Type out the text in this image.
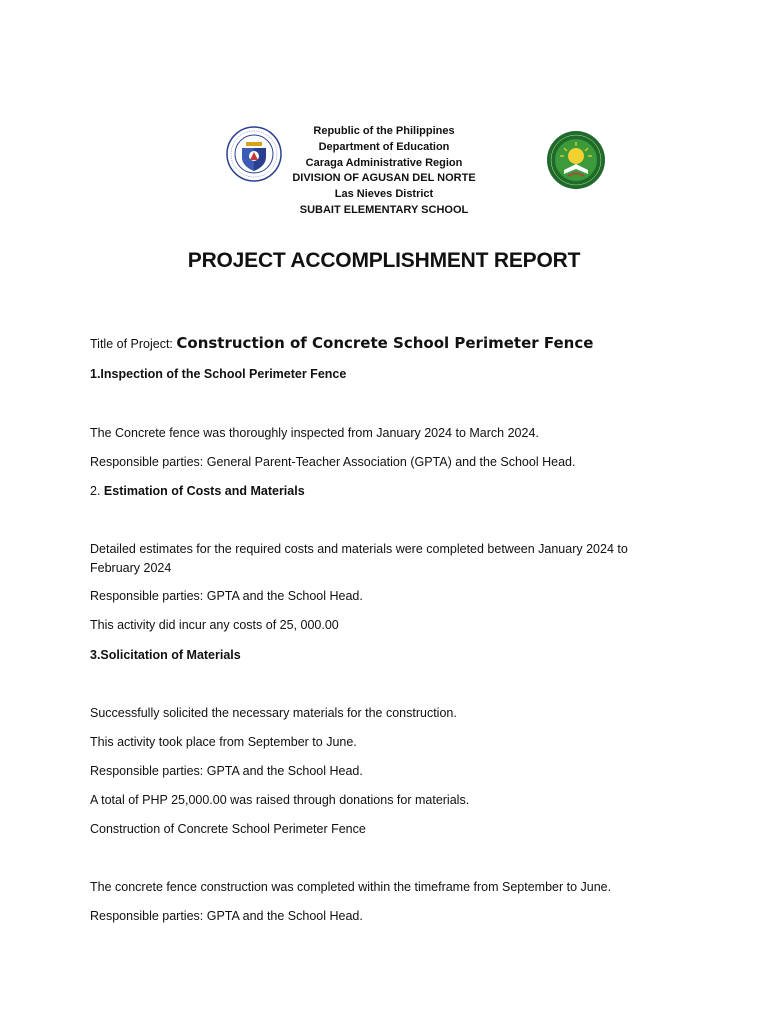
Republic of the Philippines
Department of Education
Caraga Administrative Region
DIVISION OF AGUSAN DEL NORTE
Las Nieves District
SUBAIT ELEMENTARY SCHOOL
PROJECT ACCOMPLISHMENT REPORT
Title of Project: Construction of Concrete School Perimeter Fence
1.Inspection of the School Perimeter Fence
The Concrete fence was thoroughly inspected from January 2024 to March 2024.
Responsible parties: General Parent-Teacher Association (GPTA) and the School Head.
2. Estimation of Costs and Materials
Detailed estimates for the required costs and materials were completed between January 2024 to February 2024
Responsible parties: GPTA and the School Head.
This activity did incur any costs of 25, 000.00
3.Solicitation of Materials
Successfully solicited the necessary materials for the construction.
This activity took place from September to June.
Responsible parties: GPTA and the School Head.
A total of PHP 25,000.00 was raised through donations for materials.
Construction of Concrete School Perimeter Fence
The concrete fence construction was completed within the timeframe from September to June.
Responsible parties: GPTA and the School Head.
